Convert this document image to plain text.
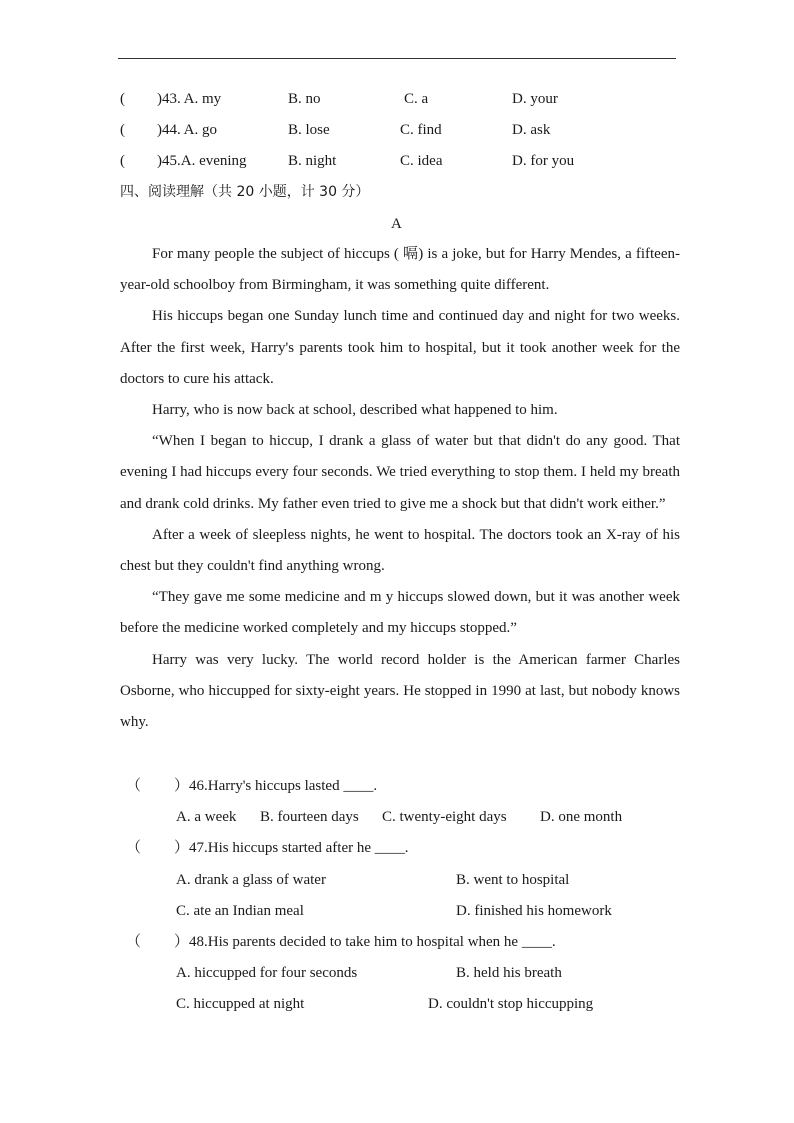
( )43. A. my	B. no	C. a	D. your
( )44. A. go	B. lose	C. find	D. ask
( )45.A. evening	B. night	C. idea	D. for you
四、阅读理解（共 20 小题，计 30 分）
A

For many people the subject of hiccups ( 嗝) is a joke, but for Harry Mendes, a fifteen-year-old schoolboy from Birmingham, it was something quite different.

His hiccups began one Sunday lunch time and continued day and night for two weeks. After the first week, Harry's parents took him to hospital, but it took another week for the doctors to cure his attack.

Harry, who is now back at school, described what happened to him.

“When I began to hiccup, I drank a glass of water but that didn't do any good. That evening I had hiccups every four seconds. We tried everything to stop them. I held my breath and drank cold drinks. My father even tried to give me a shock but that didn't work either.”

After a week of sleepless nights, he went to hospital. The doctors took an X-ray of his chest but they couldn't find anything wrong.

“They gave me some medicine and m y hiccups slowed down, but it was another week before the medicine worked completely and my hiccups stopped.”

Harry was very lucky. The world record holder is the American farmer Charles Osborne, who hiccupped for sixty-eight years. He stopped in 1990 at last, but nobody knows why.

（ ）46.Harry's hiccups lasted ____.
A. a week B. fourteen days C. twenty-eight days D. one month
（ ）47.His hiccups started after he ____.
A. drank a glass of water	B. went to hospital
C. ate an Indian meal	D. finished his homework
（ ）48.His parents decided to take him to hospital when he ____.
A. hiccupped for four seconds	B. held his breath
C. hiccupped at night	D. couldn't stop hiccupping
